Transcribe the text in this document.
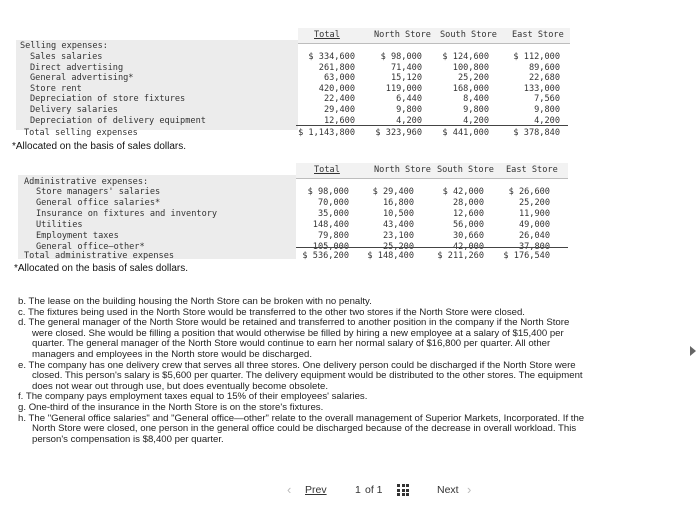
Total	North Store South Store East Store
Selling expenses:
Sales salaries	$ 334,600	$ 98,000 $ 124,600	$ 112,000
Direct advertising	261,800	71,400	100,800	89,600
General advertising*	63,000	15,120	25,200	22,680
Store rent	420,000	119,000	168,000	133,000
Depreciation of store fixtures	22,400	6,440	8,400	7,560
Delivery salaries	29,400	9,800	9,800	9,800
Depreciation of delivery equipment	12,600	4,200	4,200	4,200
Total selling expenses	$ 1,143,800 $ 323,960 $ 441,000	$ 378,840
*Allocated on the basis of sales dollars.
Total	North Store South Store East Store
Administrative expenses:
Store managers' salaries	$ 98,000	$ 29,400	$ 42,000	$ 26,600
General office salaries*	70,000	16,800	28,000	25,200
Insurance on fixtures and inventory	35,000	10,500	12,600	11,900
Utilities	148,400	43,400	56,000	49,000
Employment taxes	79,800	23,100	30,660	26,040
General office—other*	105,000	25,200	42,000	37,800
Total administrative expenses	$ 536,200 $ 148,400	$ 211,260 $ 176,540
*Allocated on the basis of sales dollars.
b. The lease on the building housing the North Store can be broken with no penalty.
c. The fixtures being used in the North Store would be transferred to the other two stores if the North Store were closed.
d. The general manager of the North Store would be retained and transferred to another position in the company if the North Store
were closed. She would be filling a position that would otherwise be filled by hiring a new employee at a salary of $15,400 per
quarter. The general manager of the North Store would continue to earn her normal salary of $16,800 per quarter. All other
managers and employees in the North store would be discharged.
e. The company has one delivery crew that serves all three stores. One delivery person could be discharged if the North Store were
closed. This person's salary is $5,600 per quarter. The delivery equipment would be distributed to the other stores. The equipment
does not wear out through use, but does eventually become obsolete.
f. The company pays employment taxes equal to 15% of their employees' salaries.
g. One-third of the insurance in the North Store is on the store's fixtures.
h. The "General office salaries" and "General office—other" relate to the overall management of Superior Markets, Incorporated. If the
North Store were closed, one person in the general office could be discharged because of the decrease in overall workload. This
person's compensation is $8,400 per quarter.
‹ Prev	1 of 1	Next ›
